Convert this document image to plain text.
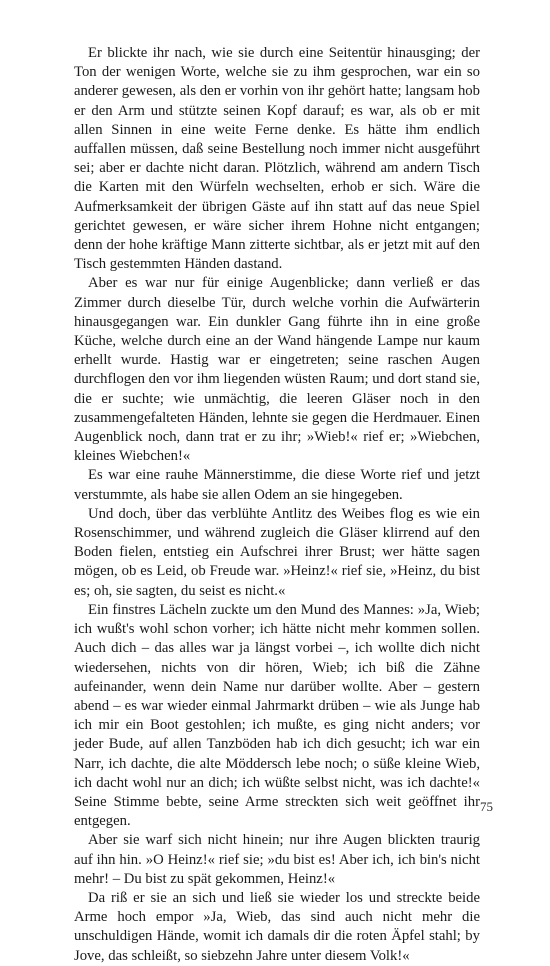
Er blickte ihr nach, wie sie durch eine Seitentür hinausging; der Ton der wenigen Worte, welche sie zu ihm gesprochen, war ein so anderer gewesen, als den er vorhin von ihr gehört hatte; langsam hob er den Arm und stützte seinen Kopf darauf; es war, als ob er mit allen Sinnen in eine weite Ferne denke. Es hätte ihm endlich auffallen müssen, daß seine Bestellung noch immer nicht ausgeführt sei; aber er dachte nicht daran. Plötzlich, während am andern Tisch die Karten mit den Würfeln wechselten, erhob er sich. Wäre die Aufmerksamkeit der übrigen Gäste auf ihn statt auf das neue Spiel gerichtet gewesen, er wäre sicher ihrem Hohne nicht entgangen; denn der hohe kräftige Mann zitterte sichtbar, als er jetzt mit auf den Tisch gestemmten Händen dastand.

Aber es war nur für einige Augenblicke; dann verließ er das Zimmer durch dieselbe Tür, durch welche vorhin die Aufwärterin hinausgegangen war. Ein dunkler Gang führte ihn in eine große Küche, welche durch eine an der Wand hängende Lampe nur kaum erhellt wurde. Hastig war er eingetreten; seine raschen Augen durchflogen den vor ihm liegenden wüsten Raum; und dort stand sie, die er suchte; wie unmächtig, die leeren Gläser noch in den zusammengefalteten Händen, lehnte sie gegen die Herdmauer. Einen Augenblick noch, dann trat er zu ihr; »Wieb!« rief er; »Wiebchen, kleines Wiebchen!«

Es war eine rauhe Männerstimme, die diese Worte rief und jetzt verstummte, als habe sie allen Odem an sie hingegeben.

Und doch, über das verblühte Antlitz des Weibes flog es wie ein Rosenschimmer, und während zugleich die Gläser klirrend auf den Boden fielen, entstieg ein Aufschrei ihrer Brust; wer hätte sagen mögen, ob es Leid, ob Freude war. »Heinz!« rief sie, »Heinz, du bist es; oh, sie sagten, du seist es nicht.«

Ein finstres Lächeln zuckte um den Mund des Mannes: »Ja, Wieb; ich wußt's wohl schon vorher; ich hätte nicht mehr kommen sollen. Auch dich – das alles war ja längst vorbei –, ich wollte dich nicht wiedersehen, nichts von dir hören, Wieb; ich biß die Zähne aufeinander, wenn dein Name nur darüber wollte. Aber – gestern abend – es war wieder einmal Jahrmarkt drüben – wie als Junge hab ich mir ein Boot gestohlen; ich mußte, es ging nicht anders; vor jeder Bude, auf allen Tanzböden hab ich dich gesucht; ich war ein Narr, ich dachte, die alte Möddersch lebe noch; o süße kleine Wieb, ich dacht wohl nur an dich; ich wüßte selbst nicht, was ich dachte!« Seine Stimme bebte, seine Arme streckten sich weit geöffnet ihr entgegen.

Aber sie warf sich nicht hinein; nur ihre Augen blickten traurig auf ihn hin. »O Heinz!« rief sie; »du bist es! Aber ich, ich bin's nicht mehr! – Du bist zu spät gekommen, Heinz!«

Da riß er sie an sich und ließ sie wieder los und streckte beide Arme hoch empor »Ja, Wieb, das sind auch nicht mehr die unschuldigen Hände, womit ich damals dir die roten Äpfel stahl; by Jove, das schleißt, so siebzehn Jahre unter diesem Volk!«

75
